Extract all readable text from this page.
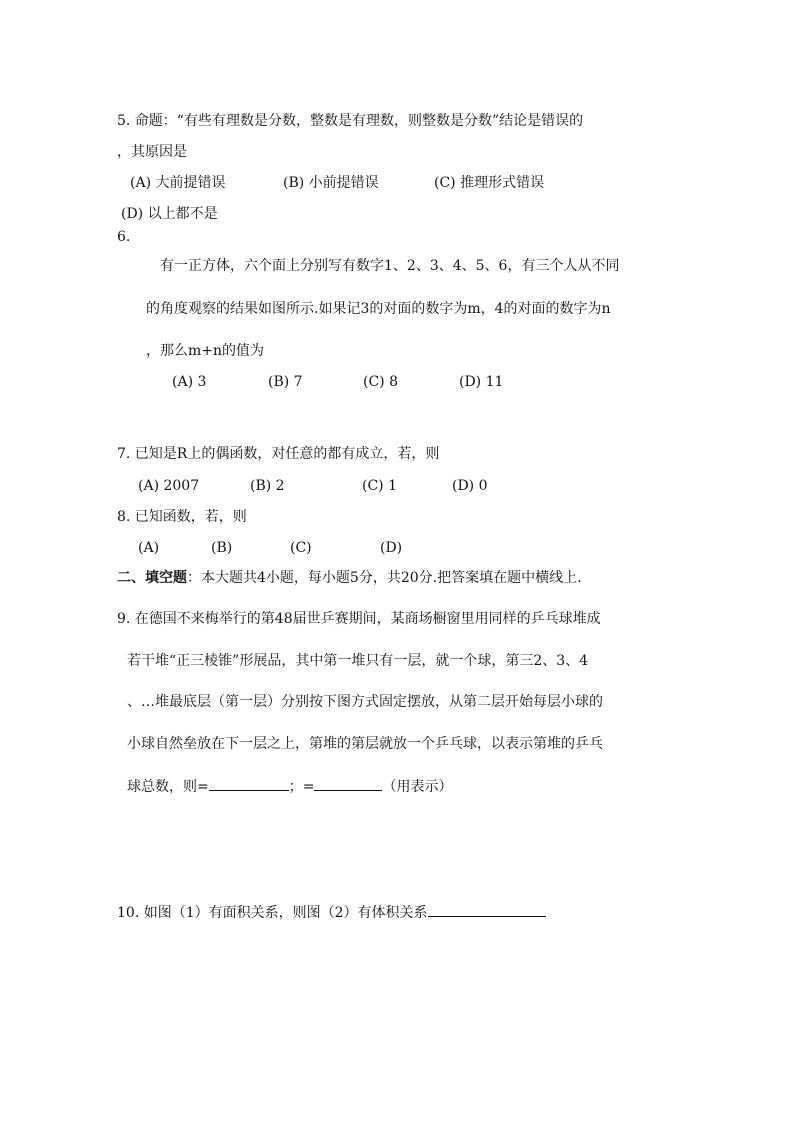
5. 命题：“有些有理数是分数，整数是有理数，则整数是分数”结论是错误的
，其原因是
(A) 大前提错误	(B) 小前提错误	(C) 推理形式错误
(D) 以上都不是
6.
有一正方体，六个面上分别写有数字1、2、3、4、5、6，有三个人从不同
的角度观察的结果如图所示.如果记3的对面的数字为m，4的对面的数字为n
，那么m+n的值为
(A) 3	(B) 7	(C) 8	(D) 11
7. 已知是R上的偶函数，对任意的都有成立，若，则
(A) 2007	(B) 2	(C) 1	(D) 0
8. 已知函数，若，则
(A)	(B)	(C)	(D)
二、填空题：本大题共4小题，每小题5分，共20分.把答案填在题中横线上.
9. 在德国不来梅举行的第48届世乒赛期间，某商场橱窗里用同样的乒乓球堆成
若干堆“正三棱锥”形展品，其中第一堆只有一层，就一个球，第三2、3、4
、…堆最底层（第一层）分别按下图方式固定摆放，从第二层开始每层小球的
小球自然垒放在下一层之上，第堆的第层就放一个乒乓球，以表示第堆的乒乓
球总数，则=	；=	（用表示）
10. 如图（1）有面积关系，则图（2）有体积关系
